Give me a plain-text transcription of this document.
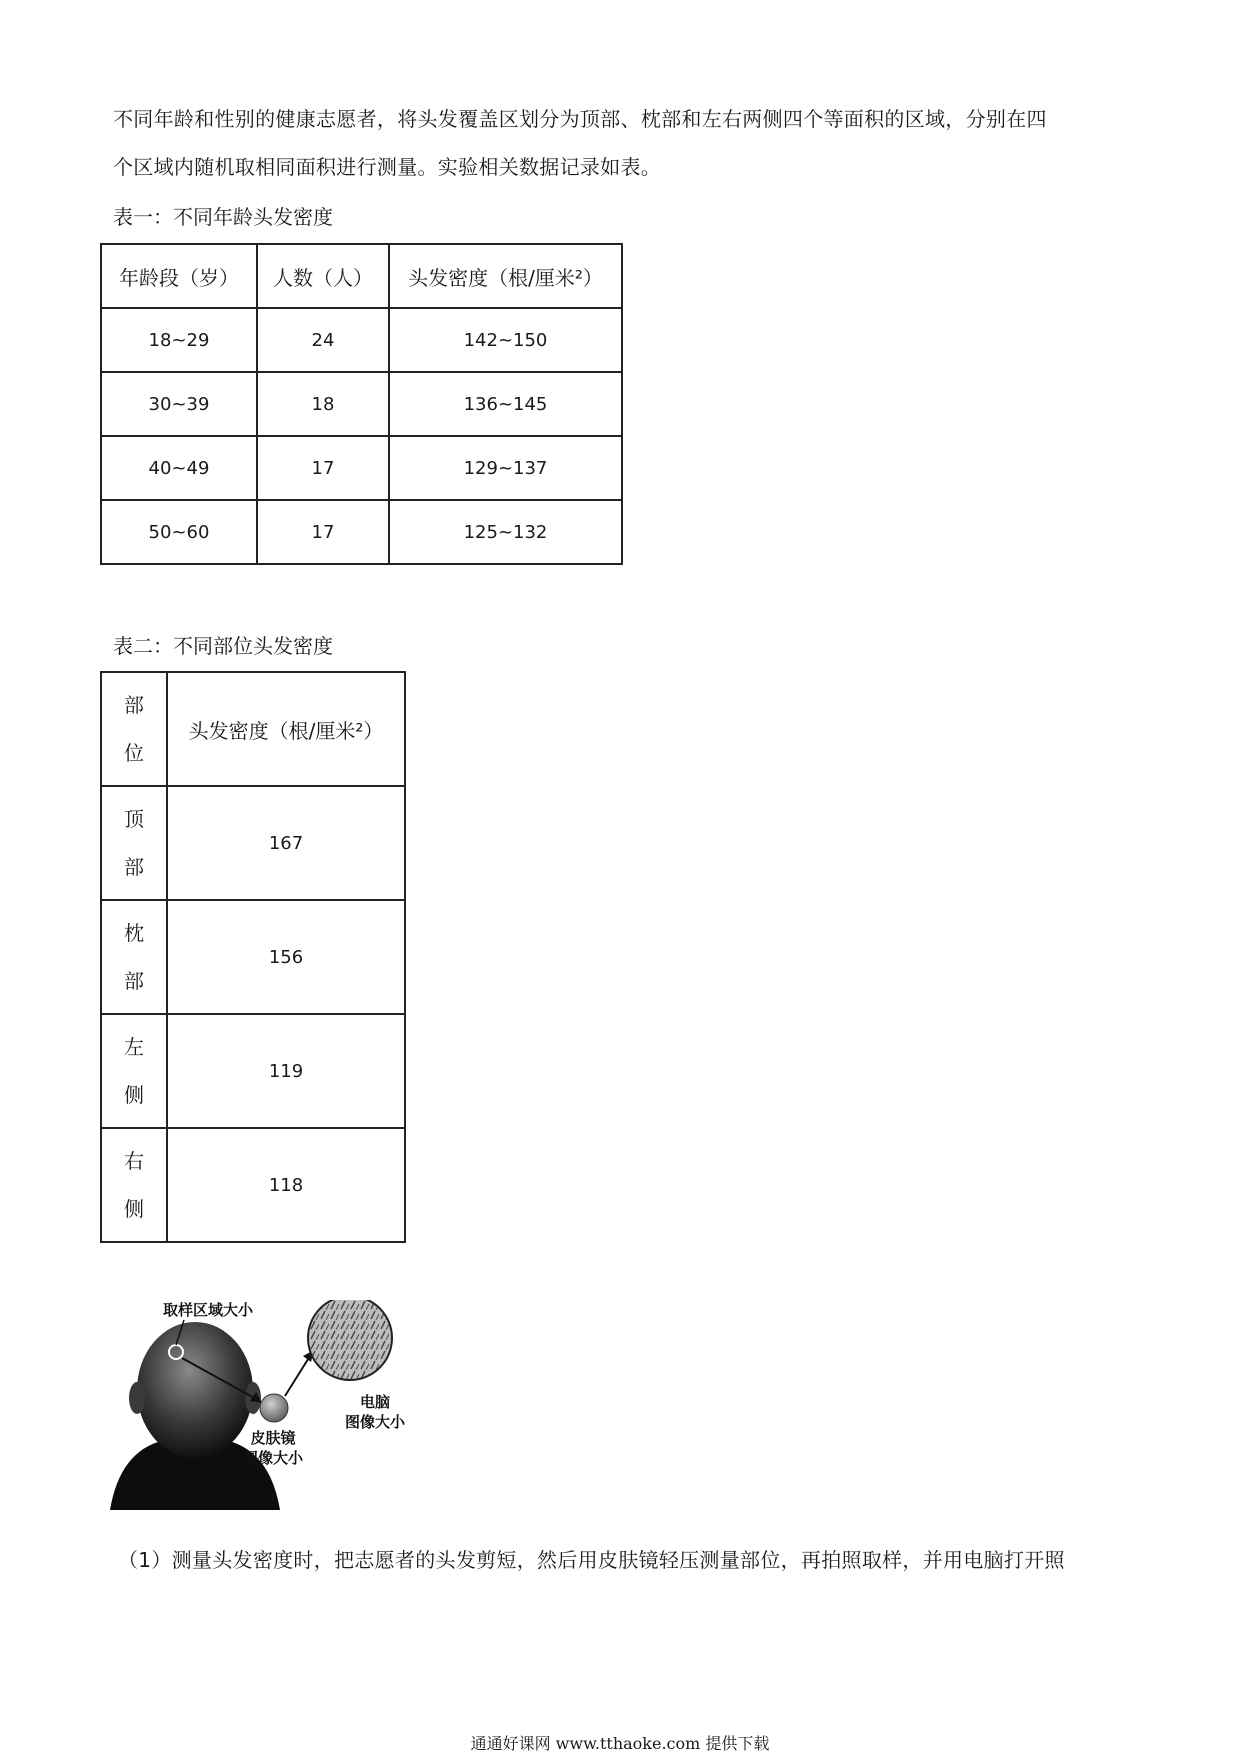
不同年龄和性别的健康志愿者，将头发覆盖区划分为顶部、枕部和左右两侧四个等面积的区域，分别在四
个区域内随机取相同面积进行测量。实验相关数据记录如表。
表一：不同年龄头发密度
年龄段（岁）	人数（人）	头发密度（根/厘米²）
18~29	24	142~150
30~39	18	136~145
40~49	17	129~137
50~60	17	125~132
表二：不同部位头发密度
部
位	头发密度（根/厘米²）

顶
部	167

枕
部	156

左
侧	119

右
侧	118
取样区域大小
皮肤镜
图像大小
电脑
图像大小
（1）测量头发密度时，把志愿者的头发剪短，然后用皮肤镜轻压测量部位，再拍照取样，并用电脑打开照
通通好课网 www.tthaoke.com 提供下载
